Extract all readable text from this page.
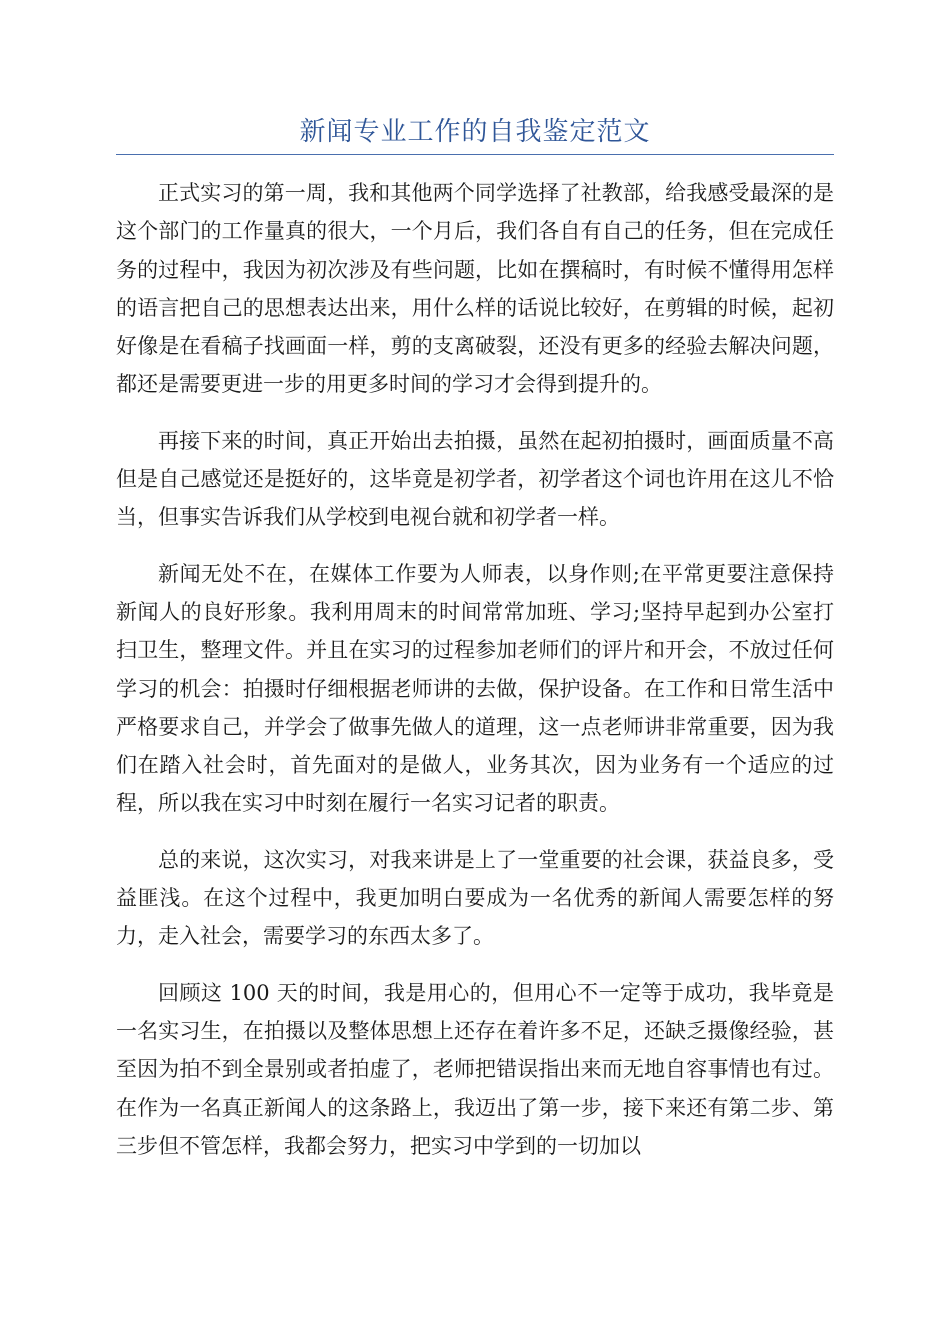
新闻专业工作的自我鉴定范文

正式实习的第一周，我和其他两个同学选择了社教部，给我感受最深的是这个部门的工作量真的很大，一个月后，我们各自有自己的任务，但在完成任务的过程中，我因为初次涉及有些问题，比如在撰稿时，有时候不懂得用怎样的语言把自己的思想表达出来，用什么样的话说比较好，在剪辑的时候，起初好像是在看稿子找画面一样，剪的支离破裂，还没有更多的经验去解决问题，都还是需要更进一步的用更多时间的学习才会得到提升的。

再接下来的时间，真正开始出去拍摄，虽然在起初拍摄时，画面质量不高但是自己感觉还是挺好的，这毕竟是初学者，初学者这个词也许用在这儿不恰当，但事实告诉我们从学校到电视台就和初学者一样。

新闻无处不在，在媒体工作要为人师表，以身作则;在平常更要注意保持新闻人的良好形象。我利用周末的时间常常加班、学习;坚持早起到办公室打扫卫生，整理文件。并且在实习的过程参加老师们的评片和开会，不放过任何学习的机会：拍摄时仔细根据老师讲的去做，保护设备。在工作和日常生活中严格要求自己，并学会了做事先做人的道理，这一点老师讲非常重要，因为我们在踏入社会时，首先面对的是做人，业务其次，因为业务有一个适应的过程，所以我在实习中时刻在履行一名实习记者的职责。

总的来说，这次实习，对我来讲是上了一堂重要的社会课，获益良多，受益匪浅。在这个过程中，我更加明白要成为一名优秀的新闻人需要怎样的努力，走入社会，需要学习的东西太多了。

回顾这 100 天的时间，我是用心的，但用心不一定等于成功，我毕竟是一名实习生，在拍摄以及整体思想上还存在着许多不足，还缺乏摄像经验，甚至因为拍不到全景别或者拍虚了，老师把错误指出来而无地自容事情也有过。在作为一名真正新闻人的这条路上，我迈出了第一步，接下来还有第二步、第三步但不管怎样，我都会努力，把实习中学到的一切加以
